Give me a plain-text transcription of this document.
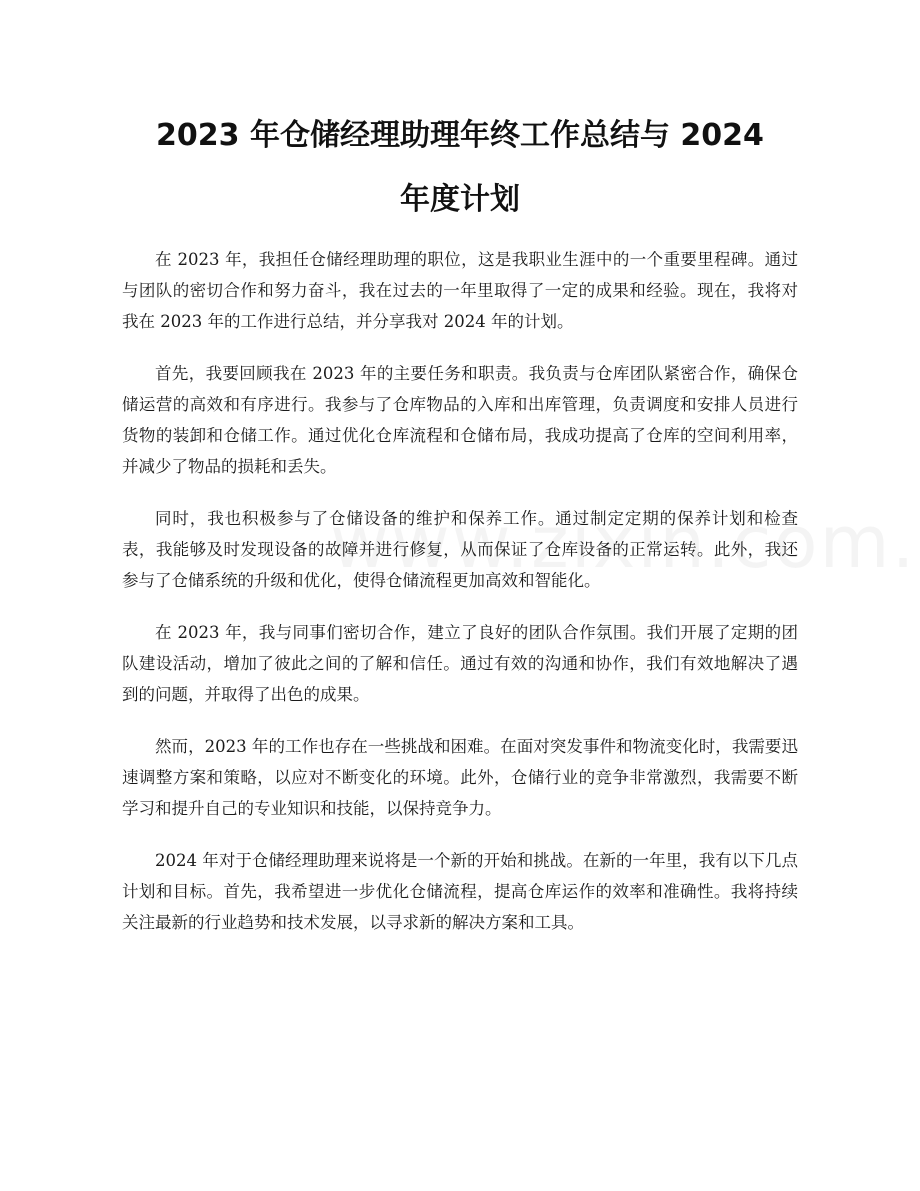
2023 年仓储经理助理年终工作总结与 2024
年度计划

在 2023 年，我担任仓储经理助理的职位，这是我职业生涯中的一个重要里程碑。通过与团队的密切合作和努力奋斗，我在过去的一年里取得了一定的成果和经验。现在，我将对我在 2023 年的工作进行总结，并分享我对 2024 年的计划。

首先，我要回顾我在 2023 年的主要任务和职责。我负责与仓库团队紧密合作，确保仓储运营的高效和有序进行。我参与了仓库物品的入库和出库管理，负责调度和安排人员进行货物的装卸和仓储工作。通过优化仓库流程和仓储布局，我成功提高了仓库的空间利用率，并减少了物品的损耗和丢失。

同时，我也积极参与了仓储设备的维护和保养工作。通过制定定期的保养计划和检查表，我能够及时发现设备的故障并进行修复，从而保证了仓库设备的正常运转。此外，我还参与了仓储系统的升级和优化，使得仓储流程更加高效和智能化。

在 2023 年，我与同事们密切合作，建立了良好的团队合作氛围。我们开展了定期的团队建设活动，增加了彼此之间的了解和信任。通过有效的沟通和协作，我们有效地解决了遇到的问题，并取得了出色的成果。

然而，2023 年的工作也存在一些挑战和困难。在面对突发事件和物流变化时，我需要迅速调整方案和策略，以应对不断变化的环境。此外，仓储行业的竞争非常激烈，我需要不断学习和提升自己的专业知识和技能，以保持竞争力。

2024 年对于仓储经理助理来说将是一个新的开始和挑战。在新的一年里，我有以下几点计划和目标。首先，我希望进一步优化仓储流程，提高仓库运作的效率和准确性。我将持续关注最新的行业趋势和技术发展，以寻求新的解决方案和工具。
